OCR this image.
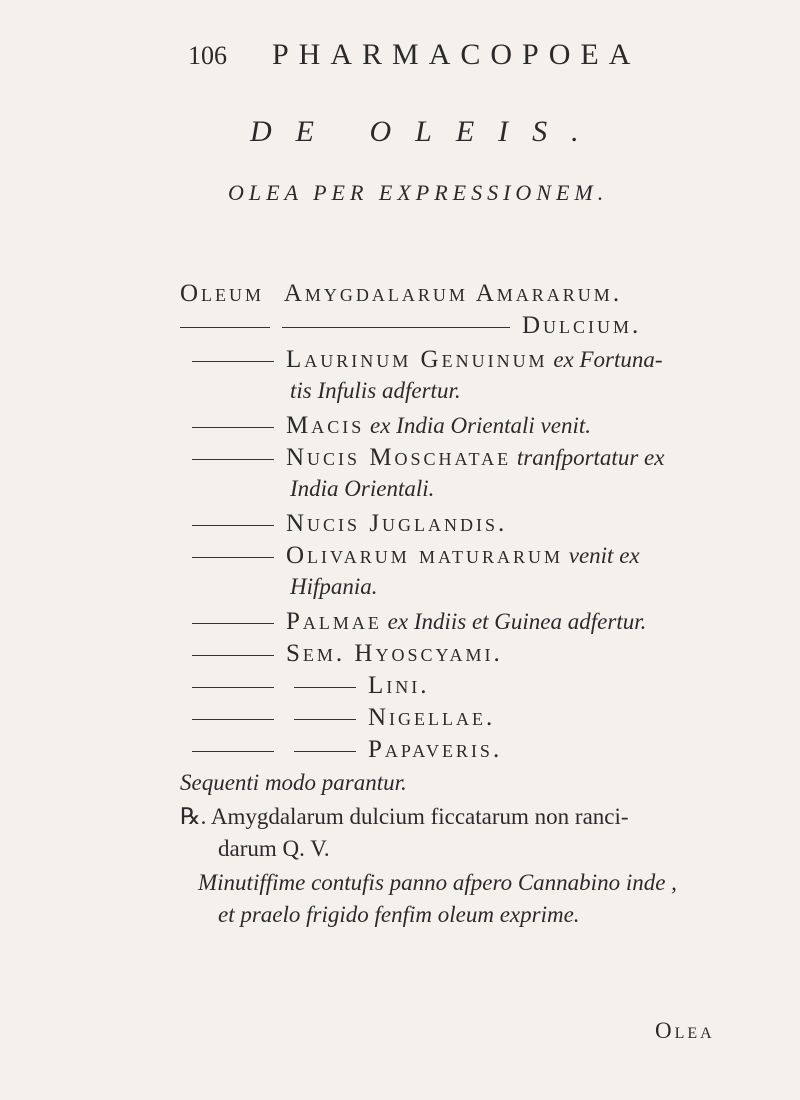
106 PHARMACOPOEA
DE OLEIS.
OLEA PER EXPRESSIONEM.
Oleum Amygdalarum Amararum.
Dulcium.
Laurinum Genuinum ex Fortuna-
tis Infulis adfertur.
Macis ex India Orientali venit.
Nucis Moschatae tranfportatur ex
India Orientali.
Nucis Juglandis.
Olivarum maturarum venit ex
Hifpania.
Palmae ex Indiis et Guinea adfertur.
Sem. Hyoscyami.
Lini.
Nigellae.
Papaveris.
Sequenti modo parantur.
℞. Amygdalarum dulcium ficcatarum non ranci-
darum Q. V.
Minutiffime contufis panno afpero Cannabino inde ,
et praelo frigido fenfim oleum exprime.
Olea
